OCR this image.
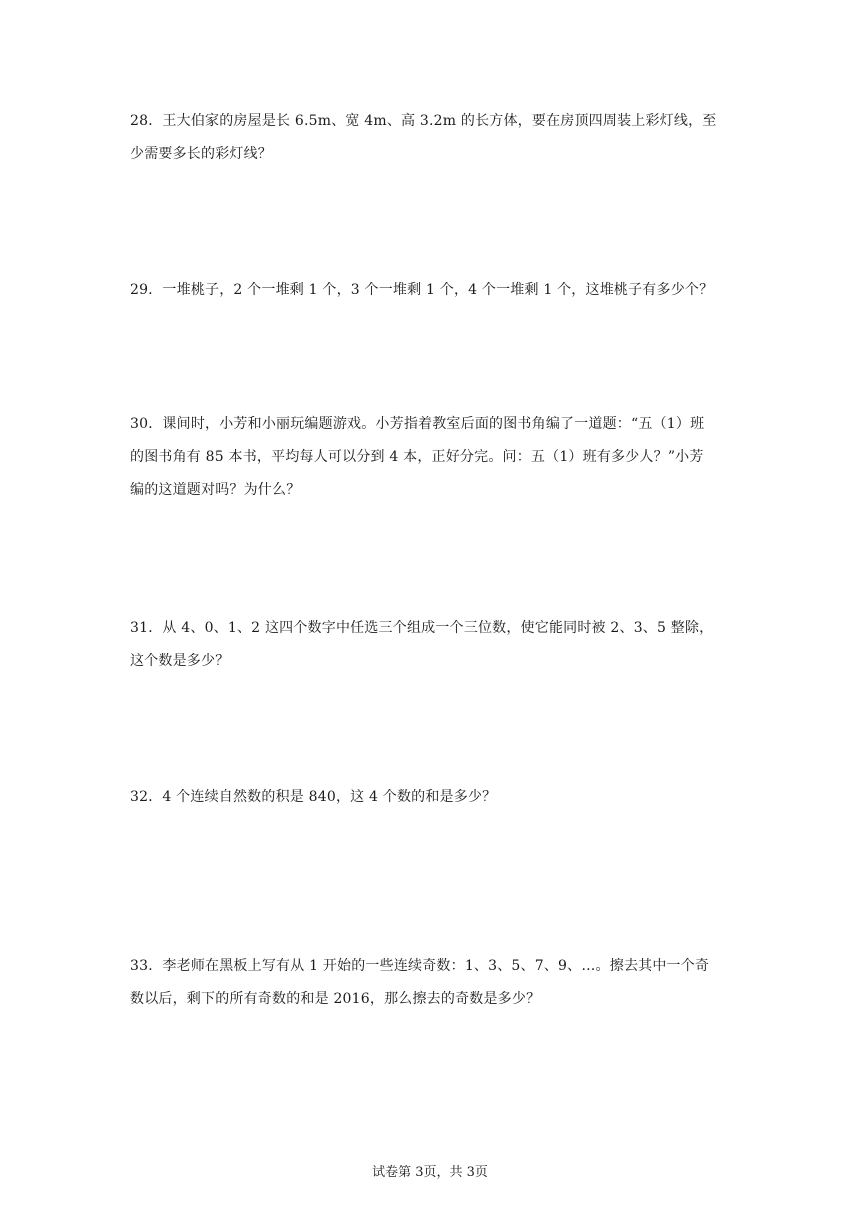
28．王大伯家的房屋是长 6.5m、宽 4m、高 3.2m 的长方体，要在房顶四周装上彩灯线，至
少需要多长的彩灯线？

29．一堆桃子，2 个一堆剩 1 个，3 个一堆剩 1 个，4 个一堆剩 1 个，这堆桃子有多少个？

30．课间时，小芳和小丽玩编题游戏。小芳指着教室后面的图书角编了一道题：“五（1）班
的图书角有 85 本书，平均每人可以分到 4 本，正好分完。问：五（1）班有多少人？”小芳
编的这道题对吗？为什么？

31．从 4、0、1、2 这四个数字中任选三个组成一个三位数，使它能同时被 2、3、5 整除，
这个数是多少？

32．4 个连续自然数的积是 840，这 4 个数的和是多少？

33．李老师在黑板上写有从 1 开始的一些连续奇数：1、3、5、7、9、…。擦去其中一个奇
数以后，剩下的所有奇数的和是 2016，那么擦去的奇数是多少？

试卷第 3页，共 3页
